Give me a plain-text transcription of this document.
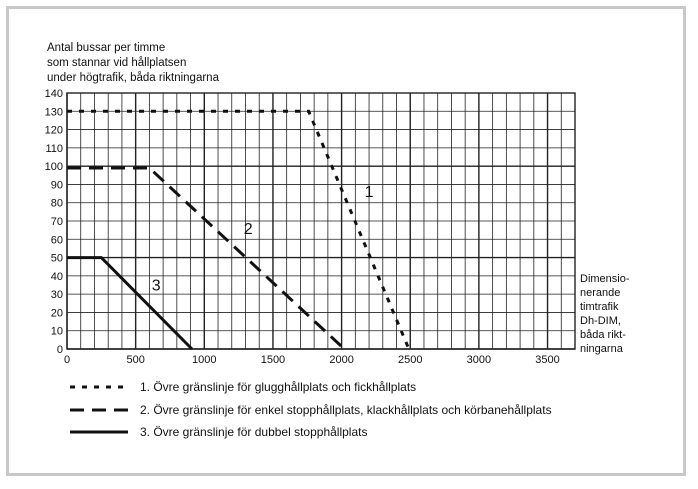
0
10
20
30
40
50
60
70
80
90
100
110
120
130
140
0	500	1000	1500	2000	2500	3000	3500
1
2
3
Antal bussar per timme
som stannar vid hållplatsen
under högtrafik, båda riktningarna
Dimensio-
nerande
timtrafik
Dh-DIM,
båda rikt-
ningarna
1. Övre gränslinje för glugghållplats och fickhållplats
2. Övre gränslinje för enkel stopphållplats, klackhållplats och körbanehållplats
3. Övre gränslinje för dubbel stopphållplats
